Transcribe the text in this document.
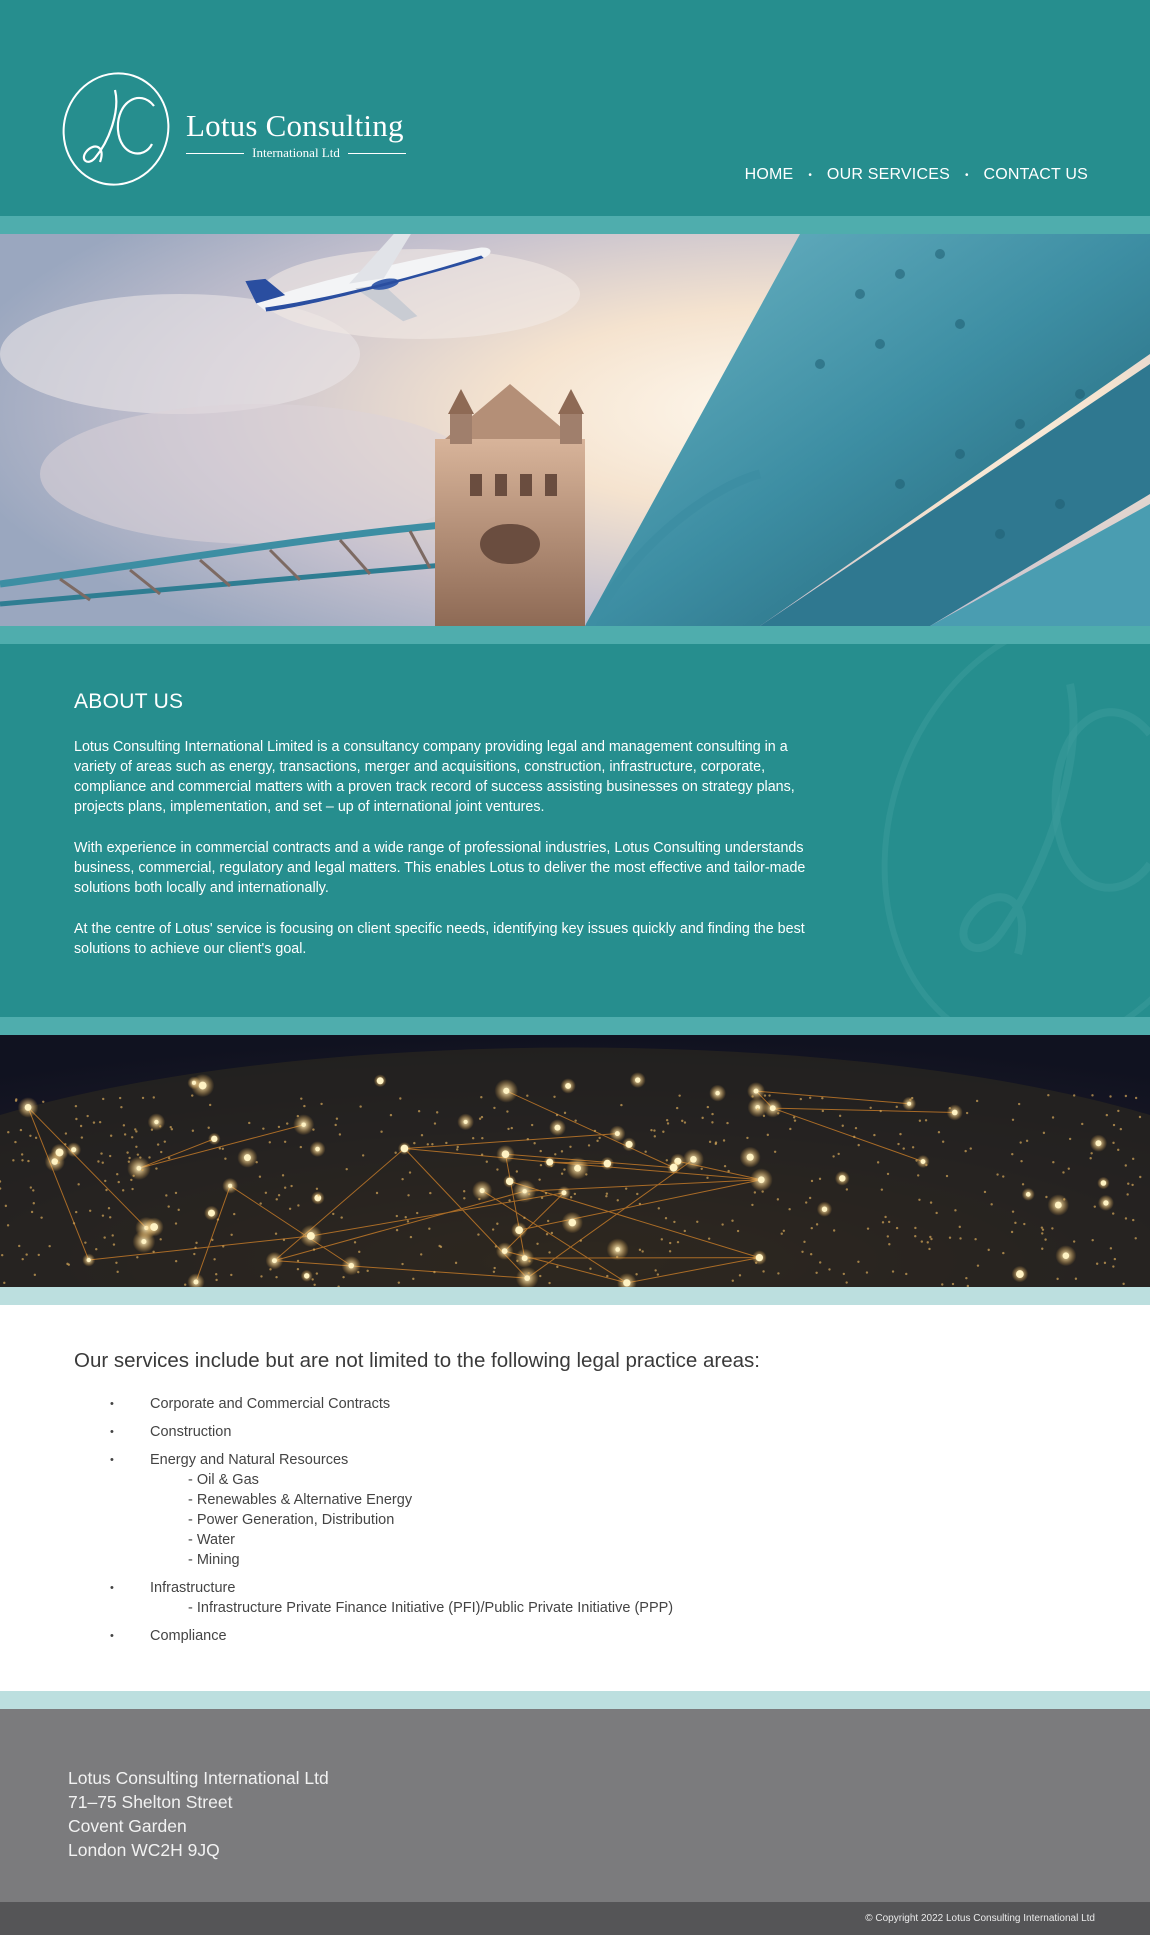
Lotus Consulting
International Ltd
HOME • OUR SERVICES • CONTACT US
ABOUT US

Lotus Consulting International Limited is a consultancy company providing legal and management consulting in a variety of areas such as energy, transactions, merger and acquisitions, construction, infrastructure, corporate, compliance and commercial matters with a proven track record of success assisting businesses on strategy plans, projects plans, implementation, and set – up of international joint ventures.

With experience in commercial contracts and a wide range of professional industries, Lotus Consulting understands business, commercial, regulatory and legal matters. This enables Lotus to deliver the most effective and tailor-made solutions both locally and internationally.

At the centre of Lotus' service is focusing on client specific needs, identifying key issues quickly and finding the best solutions to achieve our client's goal.

Our services include but are not limited to the following legal practice areas:
• Corporate and Commercial Contracts
• Construction
• Energy and Natural Resources
- Oil & Gas
- Renewables & Alternative Energy
- Power Generation, Distribution
- Water
- Mining
• Infrastructure
- Infrastructure Private Finance Initiative (PFI)/Public Private Initiative (PPP)
• Compliance
Lotus Consulting International Ltd
71–75 Shelton Street
Covent Garden
London WC2H 9JQ
© Copyright 2022 Lotus Consulting International Ltd
